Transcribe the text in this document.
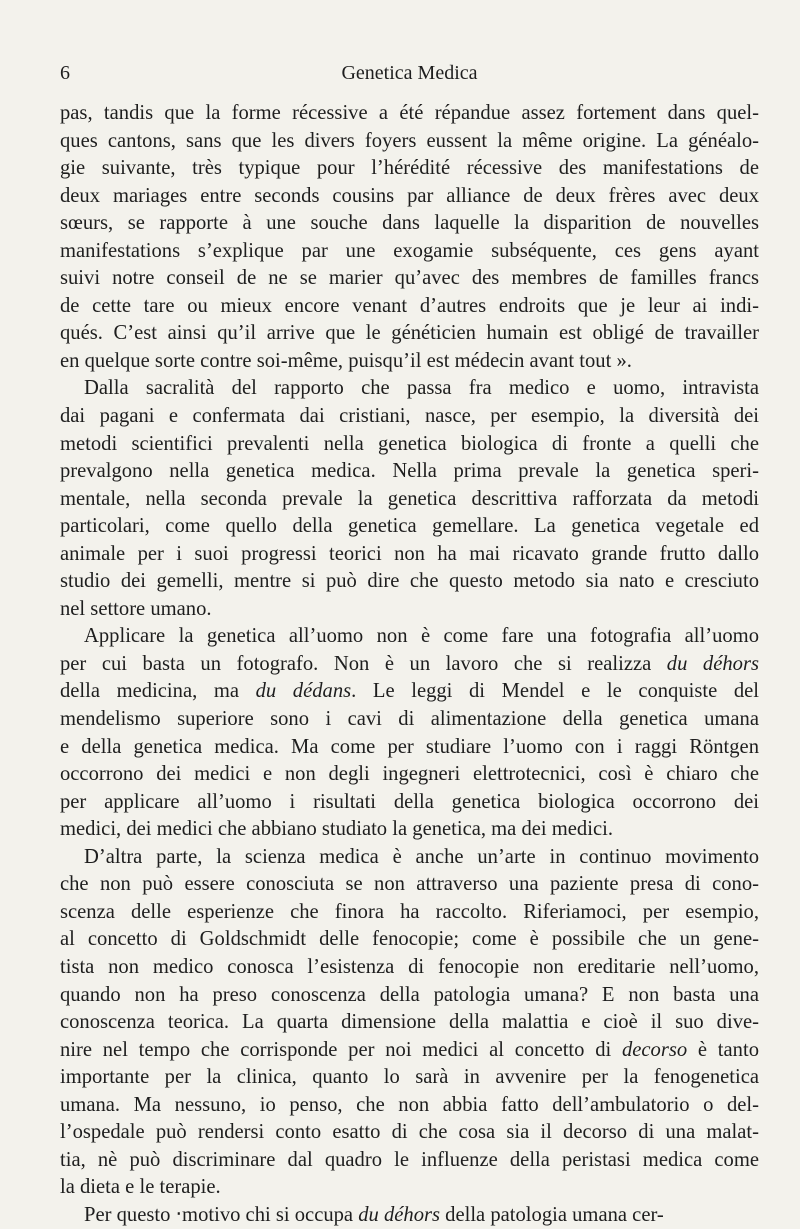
6	Genetica Medica
pas, tandis que la forme récessive a été répandue assez fortement dans quel-
ques cantons, sans que les divers foyers eussent la même origine. La généalo-
gie suivante, très typique pour l’hérédité récessive des manifestations de
deux mariages entre seconds cousins par alliance de deux frères avec deux
sœurs, se rapporte à une souche dans laquelle la disparition de nouvelles
manifestations s’explique par une exogamie subséquente, ces gens ayant
suivi notre conseil de ne se marier qu’avec des membres de familles francs
de cette tare ou mieux encore venant d’autres endroits que je leur ai indi-
qués. C’est ainsi qu’il arrive que le généticien humain est obligé de travailler
en quelque sorte contre soi-même, puisqu’il est médecin avant tout ».
Dalla sacralità del rapporto che passa fra medico e uomo, intravista
dai pagani e confermata dai cristiani, nasce, per esempio, la diversità dei
metodi scientifici prevalenti nella genetica biologica di fronte a quelli che
prevalgono nella genetica medica. Nella prima prevale la genetica speri-
mentale, nella seconda prevale la genetica descrittiva rafforzata da metodi
particolari, come quello della genetica gemellare. La genetica vegetale ed
animale per i suoi progressi teorici non ha mai ricavato grande frutto dallo
studio dei gemelli, mentre si può dire che questo metodo sia nato e cresciuto
nel settore umano.
Applicare la genetica all’uomo non è come fare una fotografia all’uomo
per cui basta un fotografo. Non è un lavoro che si realizza du déhors
della medicina, ma du dédans. Le leggi di Mendel e le conquiste del
mendelismo superiore sono i cavi di alimentazione della genetica umana
e della genetica medica. Ma come per studiare l’uomo con i raggi Röntgen
occorrono dei medici e non degli ingegneri elettrotecnici, così è chiaro che
per applicare all’uomo i risultati della genetica biologica occorrono dei
medici, dei medici che abbiano studiato la genetica, ma dei medici.
D’altra parte, la scienza medica è anche un’arte in continuo movimento
che non può essere conosciuta se non attraverso una paziente presa di cono-
scenza delle esperienze che finora ha raccolto. Riferiamoci, per esempio,
al concetto di Goldschmidt delle fenocopie; come è possibile che un gene-
tista non medico conosca l’esistenza di fenocopie non ereditarie nell’uomo,
quando non ha preso conoscenza della patologia umana? E non basta una
conoscenza teorica. La quarta dimensione della malattia e cioè il suo dive-
nire nel tempo che corrisponde per noi medici al concetto di decorso è tanto
importante per la clinica, quanto lo sarà in avvenire per la fenogenetica
umana. Ma nessuno, io penso, che non abbia fatto dell’ambulatorio o del-
l’ospedale può rendersi conto esatto di che cosa sia il decorso di una malat-
tia, nè può discriminare dal quadro le influenze della peristasi medica come
la dieta e le terapie.
Per questo ‧motivo chi si occupa du déhors della patologia umana cer-
